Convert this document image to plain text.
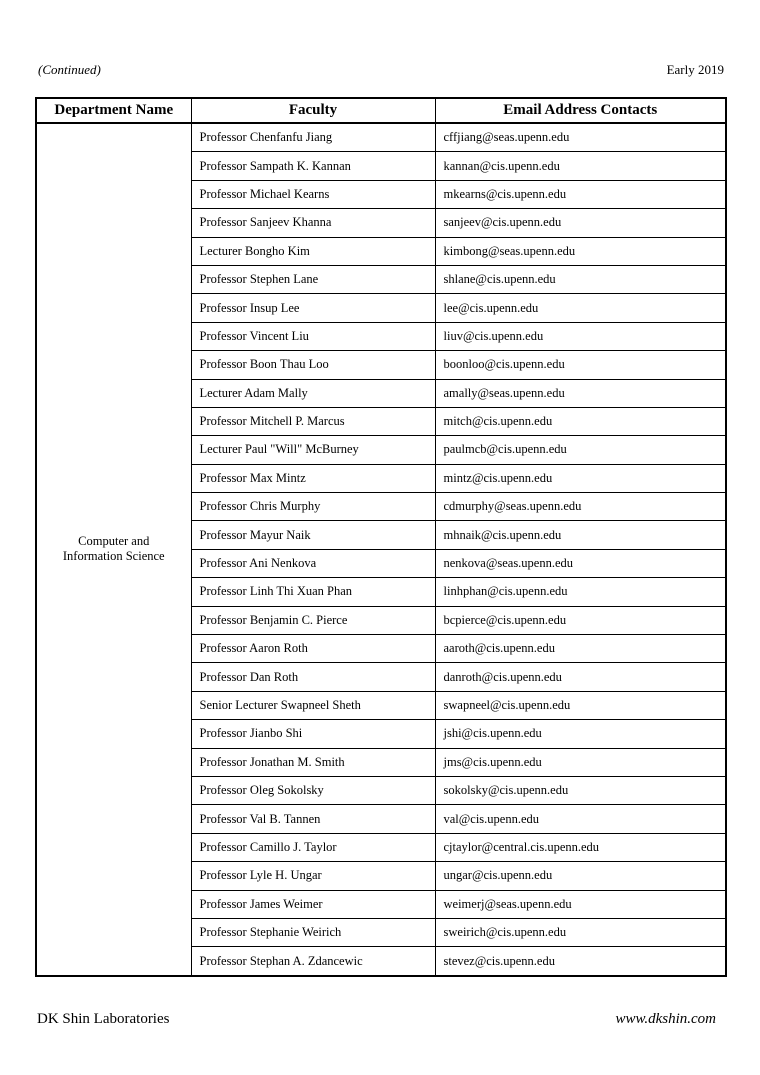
(Continued)	Early 2019
Department Name	Faculty	Email Address Contacts

Computer and
Information Science	Professor Chenfanfu Jiang	cffjiang@seas.upenn.edu
	Professor Sampath K. Kannan	kannan@cis.upenn.edu
	Professor Michael Kearns	mkearns@cis.upenn.edu
	Professor Sanjeev Khanna	sanjeev@cis.upenn.edu
	Lecturer Bongho Kim	kimbong@seas.upenn.edu
	Professor Stephen Lane	shlane@cis.upenn.edu
	Professor Insup Lee	lee@cis.upenn.edu
	Professor Vincent Liu	liuv@cis.upenn.edu
	Professor Boon Thau Loo	boonloo@cis.upenn.edu
	Lecturer Adam Mally	amally@seas.upenn.edu
	Professor Mitchell P. Marcus	mitch@cis.upenn.edu
	Lecturer Paul "Will" McBurney	paulmcb@cis.upenn.edu
	Professor Max Mintz	mintz@cis.upenn.edu
	Professor Chris Murphy	cdmurphy@seas.upenn.edu
	Professor Mayur Naik	mhnaik@cis.upenn.edu
	Professor Ani Nenkova	nenkova@seas.upenn.edu
	Professor Linh Thi Xuan Phan	linhphan@cis.upenn.edu
	Professor Benjamin C. Pierce	bcpierce@cis.upenn.edu
	Professor Aaron Roth	aaroth@cis.upenn.edu
	Professor Dan Roth	danroth@cis.upenn.edu
	Senior Lecturer Swapneel Sheth	swapneel@cis.upenn.edu
	Professor Jianbo Shi	jshi@cis.upenn.edu
	Professor Jonathan M. Smith	jms@cis.upenn.edu
	Professor Oleg Sokolsky	sokolsky@cis.upenn.edu
	Professor Val B. Tannen	val@cis.upenn.edu
	Professor Camillo J. Taylor	cjtaylor@central.cis.upenn.edu
	Professor Lyle H. Ungar	ungar@cis.upenn.edu
	Professor James Weimer	weimerj@seas.upenn.edu
	Professor Stephanie Weirich	sweirich@cis.upenn.edu
	Professor Stephan A. Zdancewic	stevez@cis.upenn.edu
DK Shin Laboratories	www.dkshin.com
